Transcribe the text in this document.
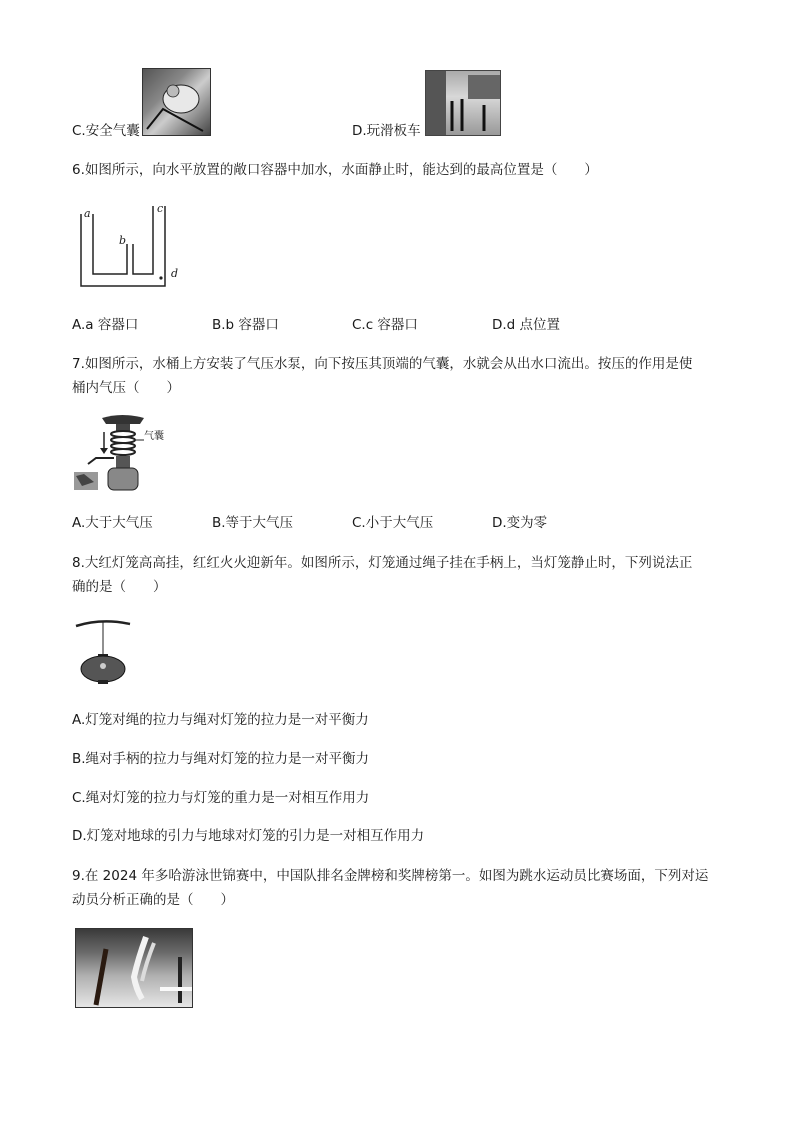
C.安全气囊	D.玩滑板车
6.如图所示，向水平放置的敞口容器中加水，水面静止时，能达到的最高位置是（　　）
a	c
b
d
A.a 容器口	B.b 容器口	C.c 容器口	D.d 点位置
7.如图所示，水桶上方安装了气压水泵，向下按压其顶端的气囊，水就会从出水口流出。按压的作用是使
桶内气压（　　）
气囊
A.大于大气压	B.等于大气压	C.小于大气压	D.变为零
8.大红灯笼高高挂，红红火火迎新年。如图所示，灯笼通过绳子挂在手柄上，当灯笼静止时，下列说法正
确的是（　　）
A.灯笼对绳的拉力与绳对灯笼的拉力是一对平衡力
B.绳对手柄的拉力与绳对灯笼的拉力是一对平衡力
C.绳对灯笼的拉力与灯笼的重力是一对相互作用力
D.灯笼对地球的引力与地球对灯笼的引力是一对相互作用力
9.在 2024 年多哈游泳世锦赛中，中国队排名金牌榜和奖牌榜第一。如图为跳水运动员比赛场面，下列对运
动员分析正确的是（　　）
